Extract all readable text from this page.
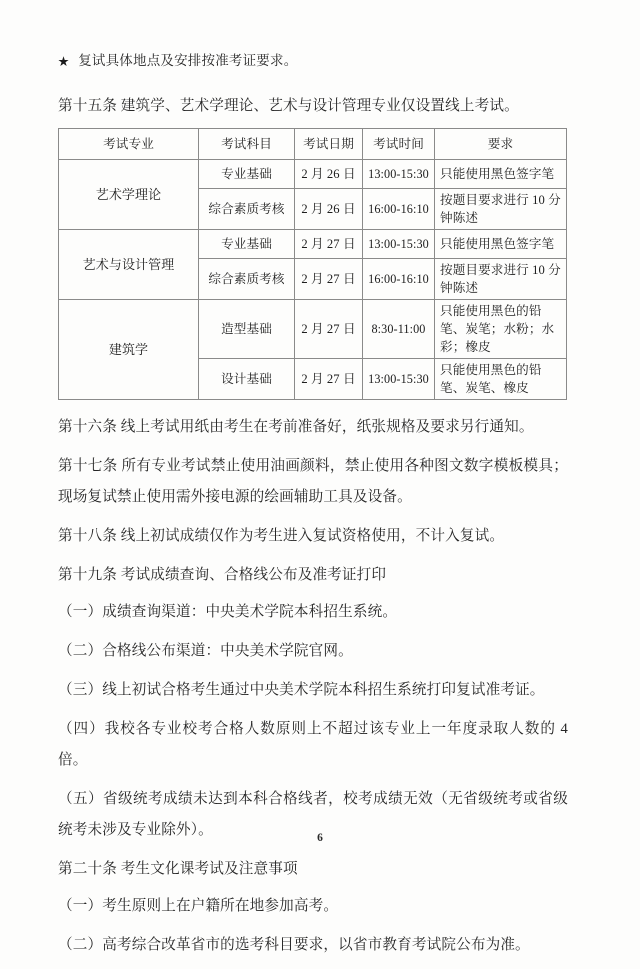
★ 复试具体地点及安排按准考证要求。

第十五条 建筑学、艺术学理论、艺术与设计管理专业仅设置线上考试。

考试专业	考试科目	考试日期	考试时间	要求
艺术学理论	专业基础	2 月 26 日	13:00-15:30	只能使用黑色签字笔
	综合素质考核	2 月 26 日	16:00-16:10	按题目要求进行 10 分钟陈述
艺术与设计管理	专业基础	2 月 27 日	13:00-15:30	只能使用黑色签字笔
	综合素质考核	2 月 27 日	16:00-16:10	按题目要求进行 10 分钟陈述
建筑学	造型基础	2 月 27 日	8:30-11:00	只能使用黑色的铅笔、炭笔；水粉；水彩；橡皮
	设计基础	2 月 27 日	13:00-15:30	只能使用黑色的铅笔、炭笔、橡皮

第十六条 线上考试用纸由考生在考前准备好，纸张规格及要求另行通知。

第十七条 所有专业考试禁止使用油画颜料，禁止使用各种图文数字模板模具；现场复试禁止使用需外接电源的绘画辅助工具及设备。

第十八条 线上初试成绩仅作为考生进入复试资格使用，不计入复试。

第十九条 考试成绩查询、合格线公布及准考证打印

（一）成绩查询渠道：中央美术学院本科招生系统。

（二）合格线公布渠道：中央美术学院官网。

（三）线上初试合格考生通过中央美术学院本科招生系统打印复试准考证。

（四）我校各专业校考合格人数原则上不超过该专业上一年度录取人数的 4 倍。

（五）省级统考成绩未达到本科合格线者，校考成绩无效（无省级统考或省级统考未涉及专业除外）。

第二十条 考生文化课考试及注意事项

（一）考生原则上在户籍所在地参加高考。

（二）高考综合改革省市的选考科目要求，以省市教育考试院公布为准。

6
